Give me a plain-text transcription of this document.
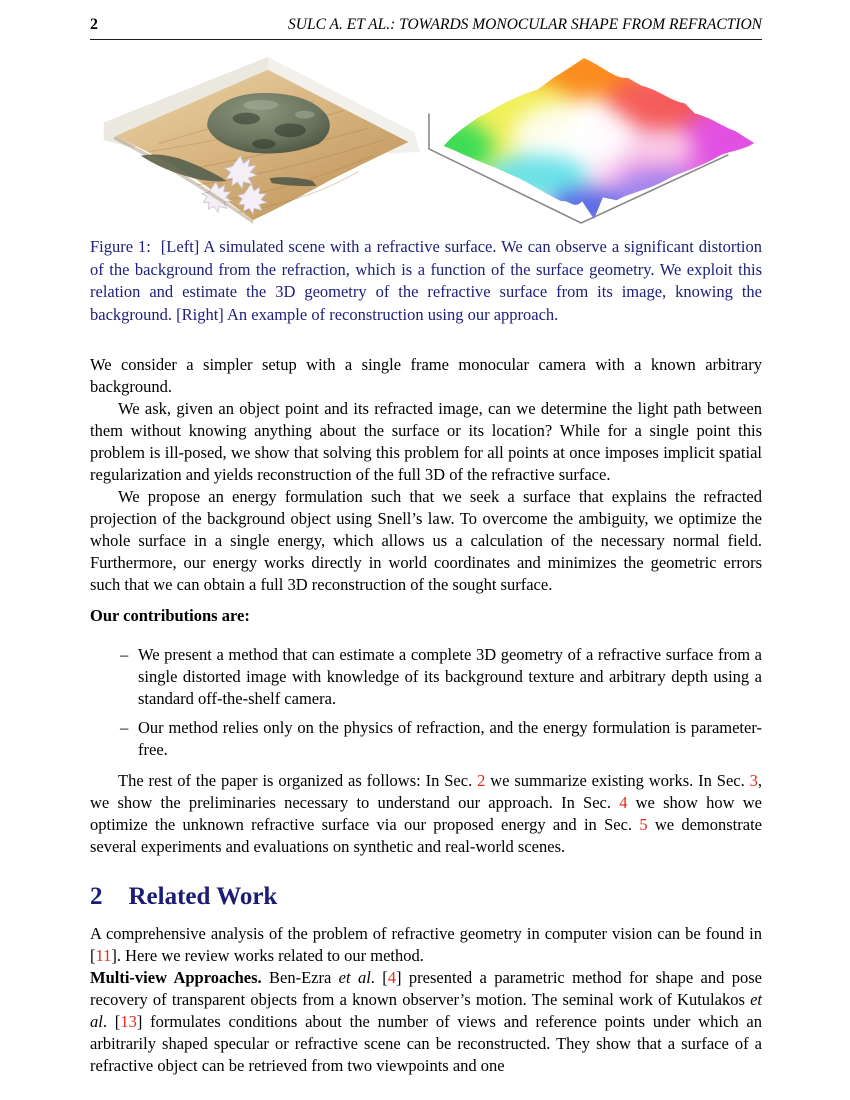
2	SULC A. ET AL.: TOWARDS MONOCULAR SHAPE FROM REFRACTION

Figure 1:  [Left] A simulated scene with a refractive surface. We can observe a significant distortion of the background from the refraction, which is a function of the surface geometry. We exploit this relation and estimate the 3D geometry of the refractive surface from its image, knowing the background. [Right] An example of reconstruction using our approach.

We consider a simpler setup with a single frame monocular camera with a known arbitrary background.

We ask, given an object point and its refracted image, can we determine the light path between them without knowing anything about the surface or its location? While for a single point this problem is ill-posed, we show that solving this problem for all points at once imposes implicit spatial regularization and yields reconstruction of the full 3D of the refractive surface.

We propose an energy formulation such that we seek a surface that explains the refracted projection of the background object using Snell’s law. To overcome the ambiguity, we optimize the whole surface in a single energy, which allows us a calculation of the necessary normal field. Furthermore, our energy works directly in world coordinates and minimizes the geometric errors such that we can obtain a full 3D reconstruction of the sought surface.

Our contributions are:

– We present a method that can estimate a complete 3D geometry of a refractive surface from a single distorted image with knowledge of its background texture and arbitrary depth using a standard off-the-shelf camera.
– Our method relies only on the physics of refraction, and the energy formulation is parameter-free.

The rest of the paper is organized as follows: In Sec. 2 we summarize existing works. In Sec. 3, we show the preliminaries necessary to understand our approach. In Sec. 4 we show how we optimize the unknown refractive surface via our proposed energy and in Sec. 5 we demonstrate several experiments and evaluations on synthetic and real-world scenes.

2 Related Work

A comprehensive analysis of the problem of refractive geometry in computer vision can be found in [11]. Here we review works related to our method.

Multi-view Approaches. Ben-Ezra et al. [4] presented a parametric method for shape and pose recovery of transparent objects from a known observer’s motion. The seminal work of Kutulakos et al. [13] formulates conditions about the number of views and reference points under which an arbitrarily shaped specular or refractive scene can be reconstructed. They show that a surface of a refractive object can be retrieved from two viewpoints and one
